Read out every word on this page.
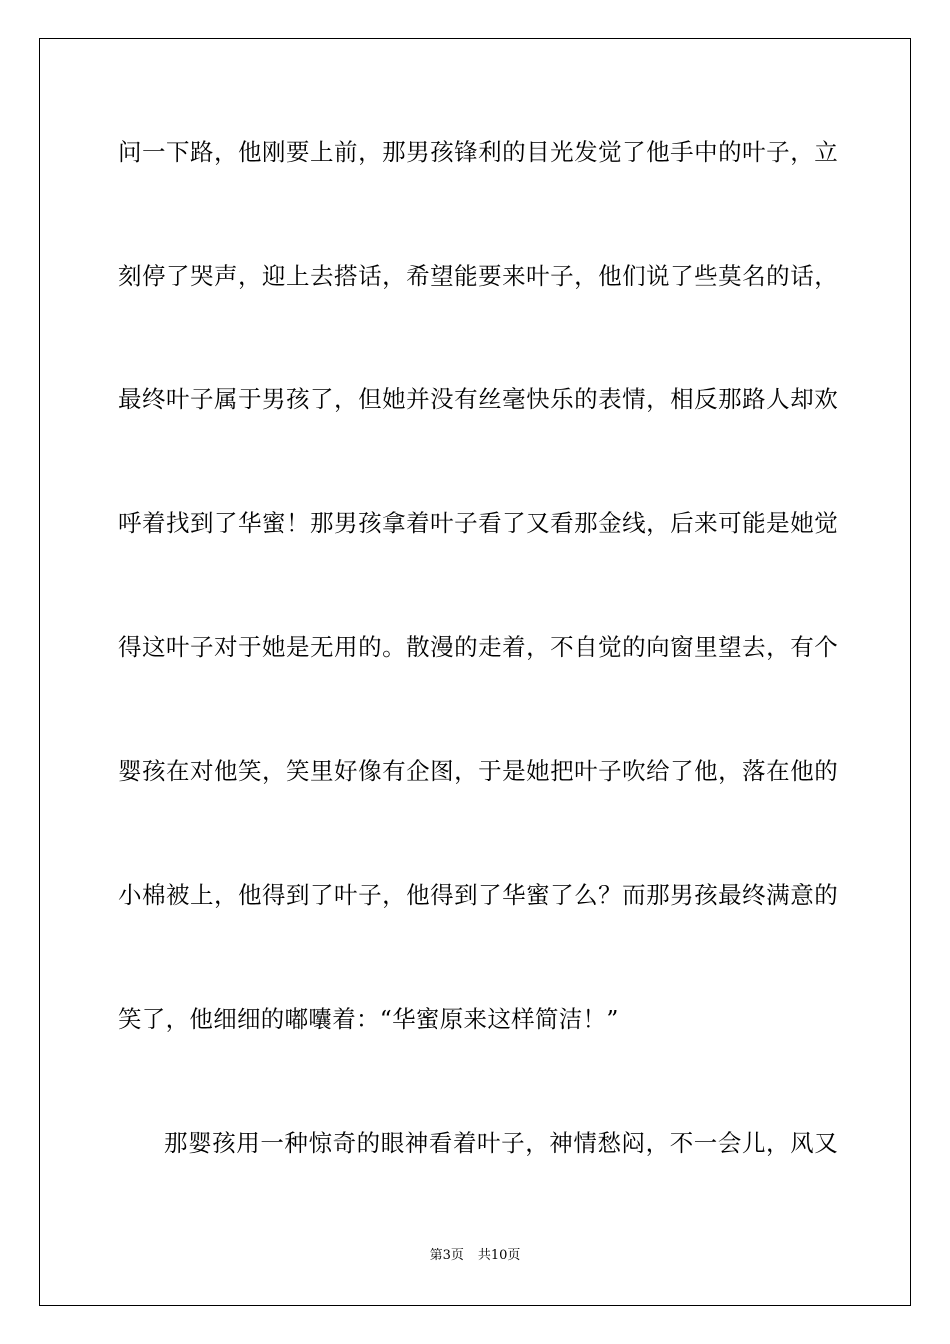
问一下路，他刚要上前，那男孩锋利的目光发觉了他手中的叶子，立
刻停了哭声，迎上去搭话，希望能要来叶子，他们说了些莫名的话，
最终叶子属于男孩了，但她并没有丝毫快乐的表情，相反那路人却欢
呼着找到了华蜜！那男孩拿着叶子看了又看那金线，后来可能是她觉
得这叶子对于她是无用的。散漫的走着，不自觉的向窗里望去，有个
婴孩在对他笑，笑里好像有企图，于是她把叶子吹给了他，落在他的
小棉被上，他得到了叶子，他得到了华蜜了么？而那男孩最终满意的
笑了，他细细的嘟囔着：“华蜜原来这样简洁！”
那婴孩用一种惊奇的眼神看着叶子，神情愁闷，不一会儿，风又
第3页 共10页
